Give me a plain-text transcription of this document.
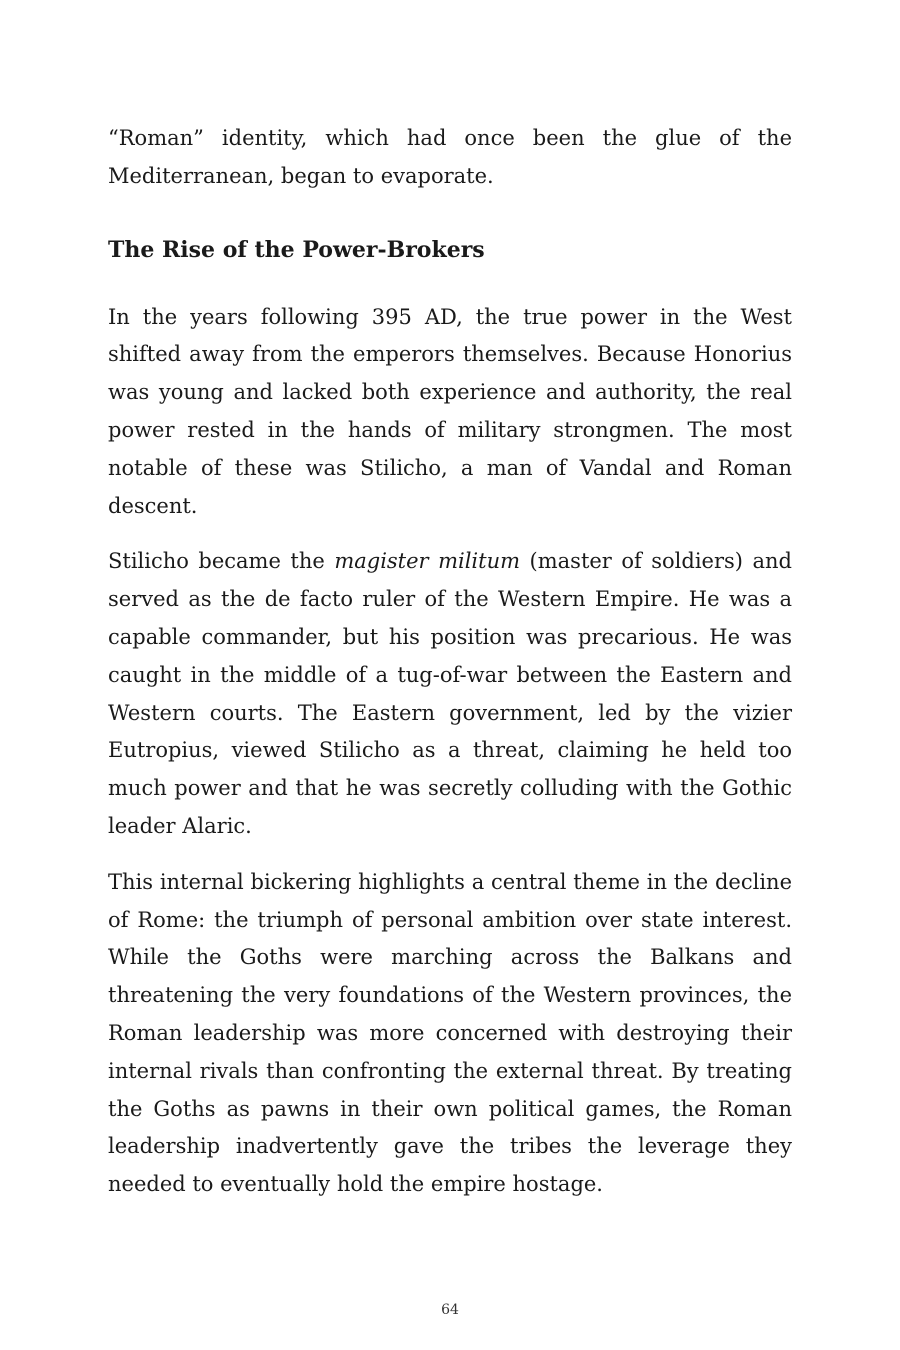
“Roman” identity, which had once been the glue of the Mediterranean, began to evaporate.

The Rise of the Power-Brokers

In the years following 395 AD, the true power in the West shifted away from the emperors themselves. Because Honorius was young and lacked both experience and authority, the real power rested in the hands of military strongmen. The most notable of these was Stilicho, a man of Vandal and Roman descent.

Stilicho became the magister militum (master of soldiers) and served as the de facto ruler of the Western Empire. He was a capable commander, but his position was precarious. He was caught in the middle of a tug-of-war between the Eastern and Western courts. The Eastern government, led by the vizier Eutropius, viewed Stilicho as a threat, claiming he held too much power and that he was secretly colluding with the Gothic leader Alaric.

This internal bickering highlights a central theme in the decline of Rome: the triumph of personal ambition over state interest. While the Goths were marching across the Balkans and threatening the very foundations of the Western provinces, the Roman leadership was more concerned with destroying their internal rivals than confronting the external threat. By treating the Goths as pawns in their own political games, the Roman leadership inadvertently gave the tribes the leverage they needed to eventually hold the empire hostage.

64
